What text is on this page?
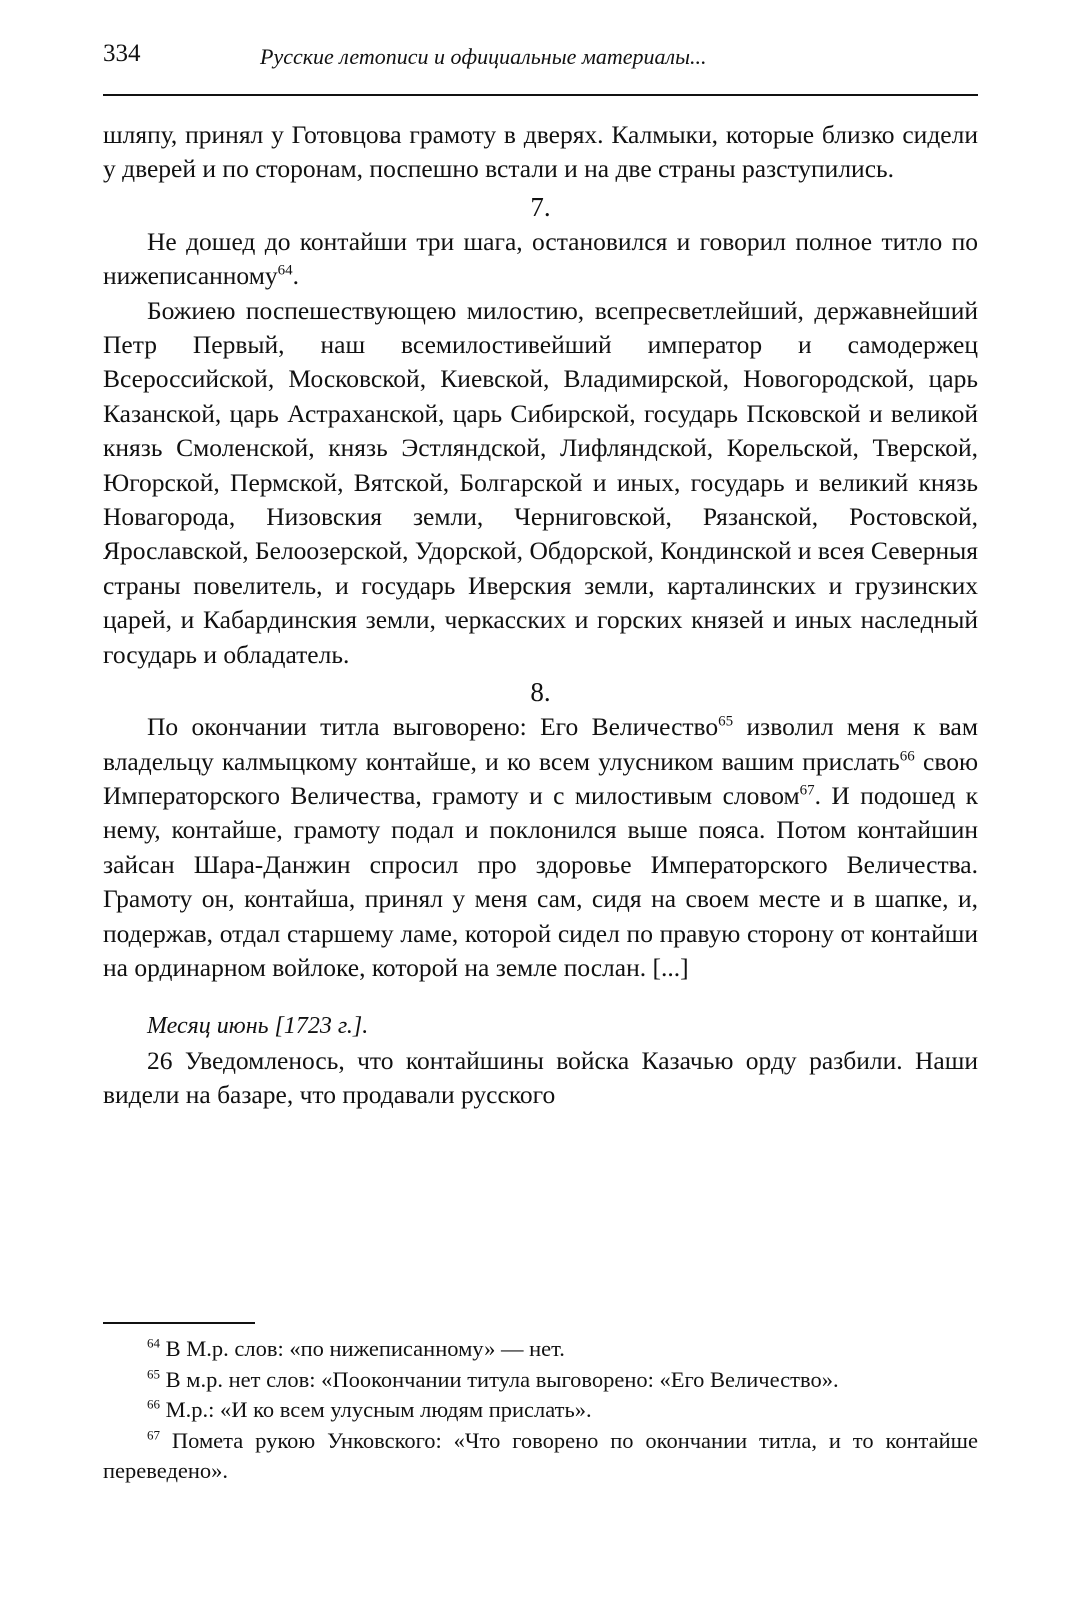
334	Русские летописи и официальные материалы...

шляпу, принял у Готовцова грамоту в дверях. Калмыки, которые близко сидели у дверей и по сторонам, поспешно встали и на две страны разступились.

7.

Не дошед до контайши три шага, остановился и говорил полное титло по нижеписанному$^{64}$.

Божиею поспешествующею милостию, всепресветлейший, державнейший Петр Первый, наш всемилостивейший император и самодержец Всероссийской, Московской, Киевской, Владимирской, Новогородской, царь Казанской, царь Астраханской, царь Сибирской, государь Псковской и великой князь Смоленской, князь Эстляндской, Лифляндской, Корельской, Тверской, Югорской, Пермской, Вятской, Болгарской и иных, государь и великий князь Новагорода, Низовския земли, Черниговской, Рязанской, Ростовской, Ярославской, Белоозерской, Удорской, Обдорской, Кондинской и всея Северныя страны повелитель, и государь Иверския земли, карталинских и грузинских царей, и Кабардинския земли, черкасских и горских князей и иных наследный государь и обладатель.

8.

По окончании титла выговорено: Его Величество$^{65}$ изволил меня к вам владельцу калмыцкому контайше, и ко всем улусником вашим прислать$^{66}$ свою Императорского Величества, грамоту и с милостивым словом$^{67}$. И подошед к нему, контайше, грамоту подал и поклонился выше пояса. Потом контайшин зайсан Шара-Данжин спросил про здоровье Императорского Величества. Грамоту он, контайша, принял у меня сам, сидя на своем месте и в шапке, и, подержав, отдал старшему ламе, которой сидел по правую сторону от контайши на ординарном войлоке, которой на земле послан. [...]

Месяц июнь [1723 г.].

26 Уведомленось, что контайшины войска Казачью орду разбили. Наши видели на базаре, что продавали русского

$^{64}$ В М.р. слов: «по нижеписанному» — нет.

$^{65}$ В м.р. нет слов: «Поокончании титула выговорено: «Его Величество».

$^{66}$ М.р.: «И ко всем улусным людям прислать».

$^{67}$ Помета рукою Унковского: «Что говорено по окончании титла, и то контайше переведено».
